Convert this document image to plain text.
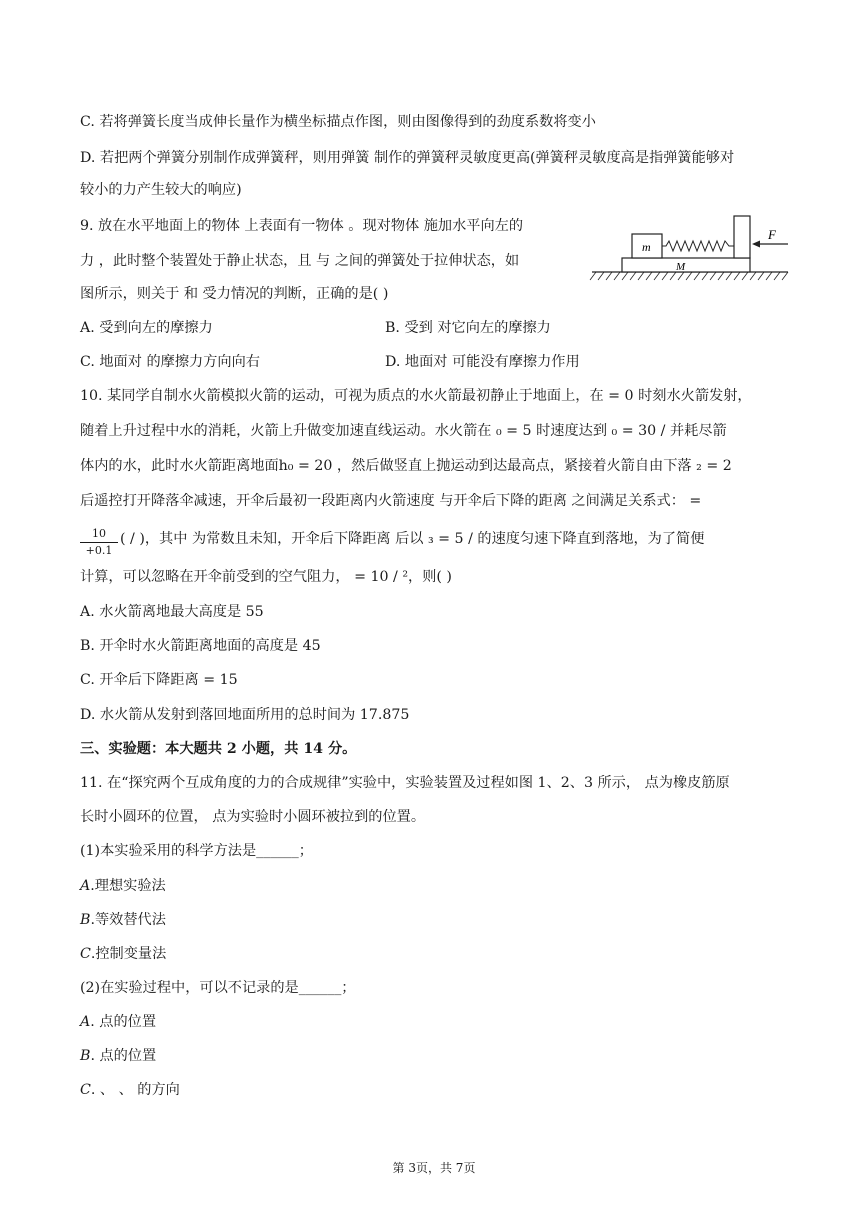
C. 若将弹簧长度当成伸长量作为横坐标描点作图，则由图像得到的劲度系数将变小
D. 若把两个弹簧分别制作成弹簧秤，则用弹簧 制作的弹簧秤灵敏度更高(弹簧秤灵敏度高是指弹簧能够对
较小的力产生较大的响应)
9. 放在水平地面上的物体 上表面有一物体 。现对物体 施加水平向左的
力 ，此时整个装置处于静止状态，且 与 之间的弹簧处于拉伸状态，如
图所示，则关于 和 受力情况的判断，正确的是( )
A. 受到向左的摩擦力	B. 受到 对它向左的摩擦力
C. 地面对 的摩擦力方向向右	D. 地面对 可能没有摩擦力作用
F
m
M
10. 某同学自制水火箭模拟火箭的运动，可视为质点的水火箭最初静止于地面上，在 = 0 时刻水火箭发射，
随着上升过程中水的消耗，火箭上升做变加速直线运动。水火箭在 ₀ = 5 时速度达到 ₀ = 30 / 并耗尽箭
体内的水，此时水火箭距离地面h₀ = 20 ，然后做竖直上抛运动到达最高点，紧接着火箭自由下落 ₂ = 2
后遥控打开降落伞减速，开伞后最初一段距离内火箭速度 与开伞后下降的距离 之间满足关系式： =
10
+0.1
( / )，其中 为常数且未知，开伞后下降距离 后以 ₃ = 5 / 的速度匀速下降直到落地，为了简便
计算，可以忽略在开伞前受到的空气阻力， = 10 / ²，则( )
A. 水火箭离地最大高度是 55
B. 开伞时水火箭距离地面的高度是 45
C. 开伞后下降距离 = 15
D. 水火箭从发射到落回地面所用的总时间为 17.875
三、实验题：本大题共 2 小题，共 14 分。
11. 在“探究两个互成角度的力的合成规律”实验中，实验装置及过程如图 1、2、3 所示， 点为橡皮筋原
长时小圆环的位置， 点为实验时小圆环被拉到的位置。
(1)本实验采用的科学方法是______；
A.理想实验法
B.等效替代法
C.控制变量法
(2)在实验过程中，可以不记录的是______；
A. 点的位置
B. 点的位置
C. 、 、 的方向
第 3页，共 7页
